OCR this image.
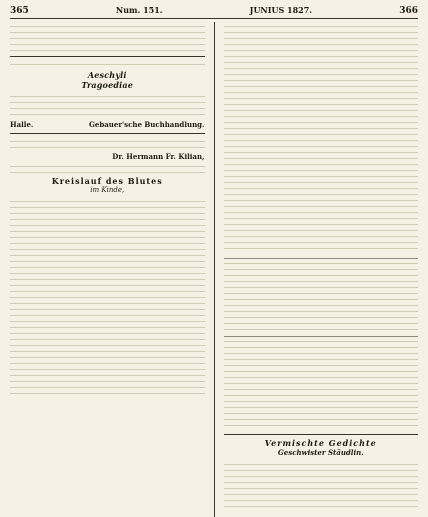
365	Num. 151.	JUNIUS 1827.	366
Aeschyli
Tragoediae
Halle.	Gebauer'sche Buchhandlung.
Dr. Hermann Fr. Kilian,
Kreislauf des Blutes
im Kinde,
Vermischte Gedichte
Geschwister Stäudlin.
